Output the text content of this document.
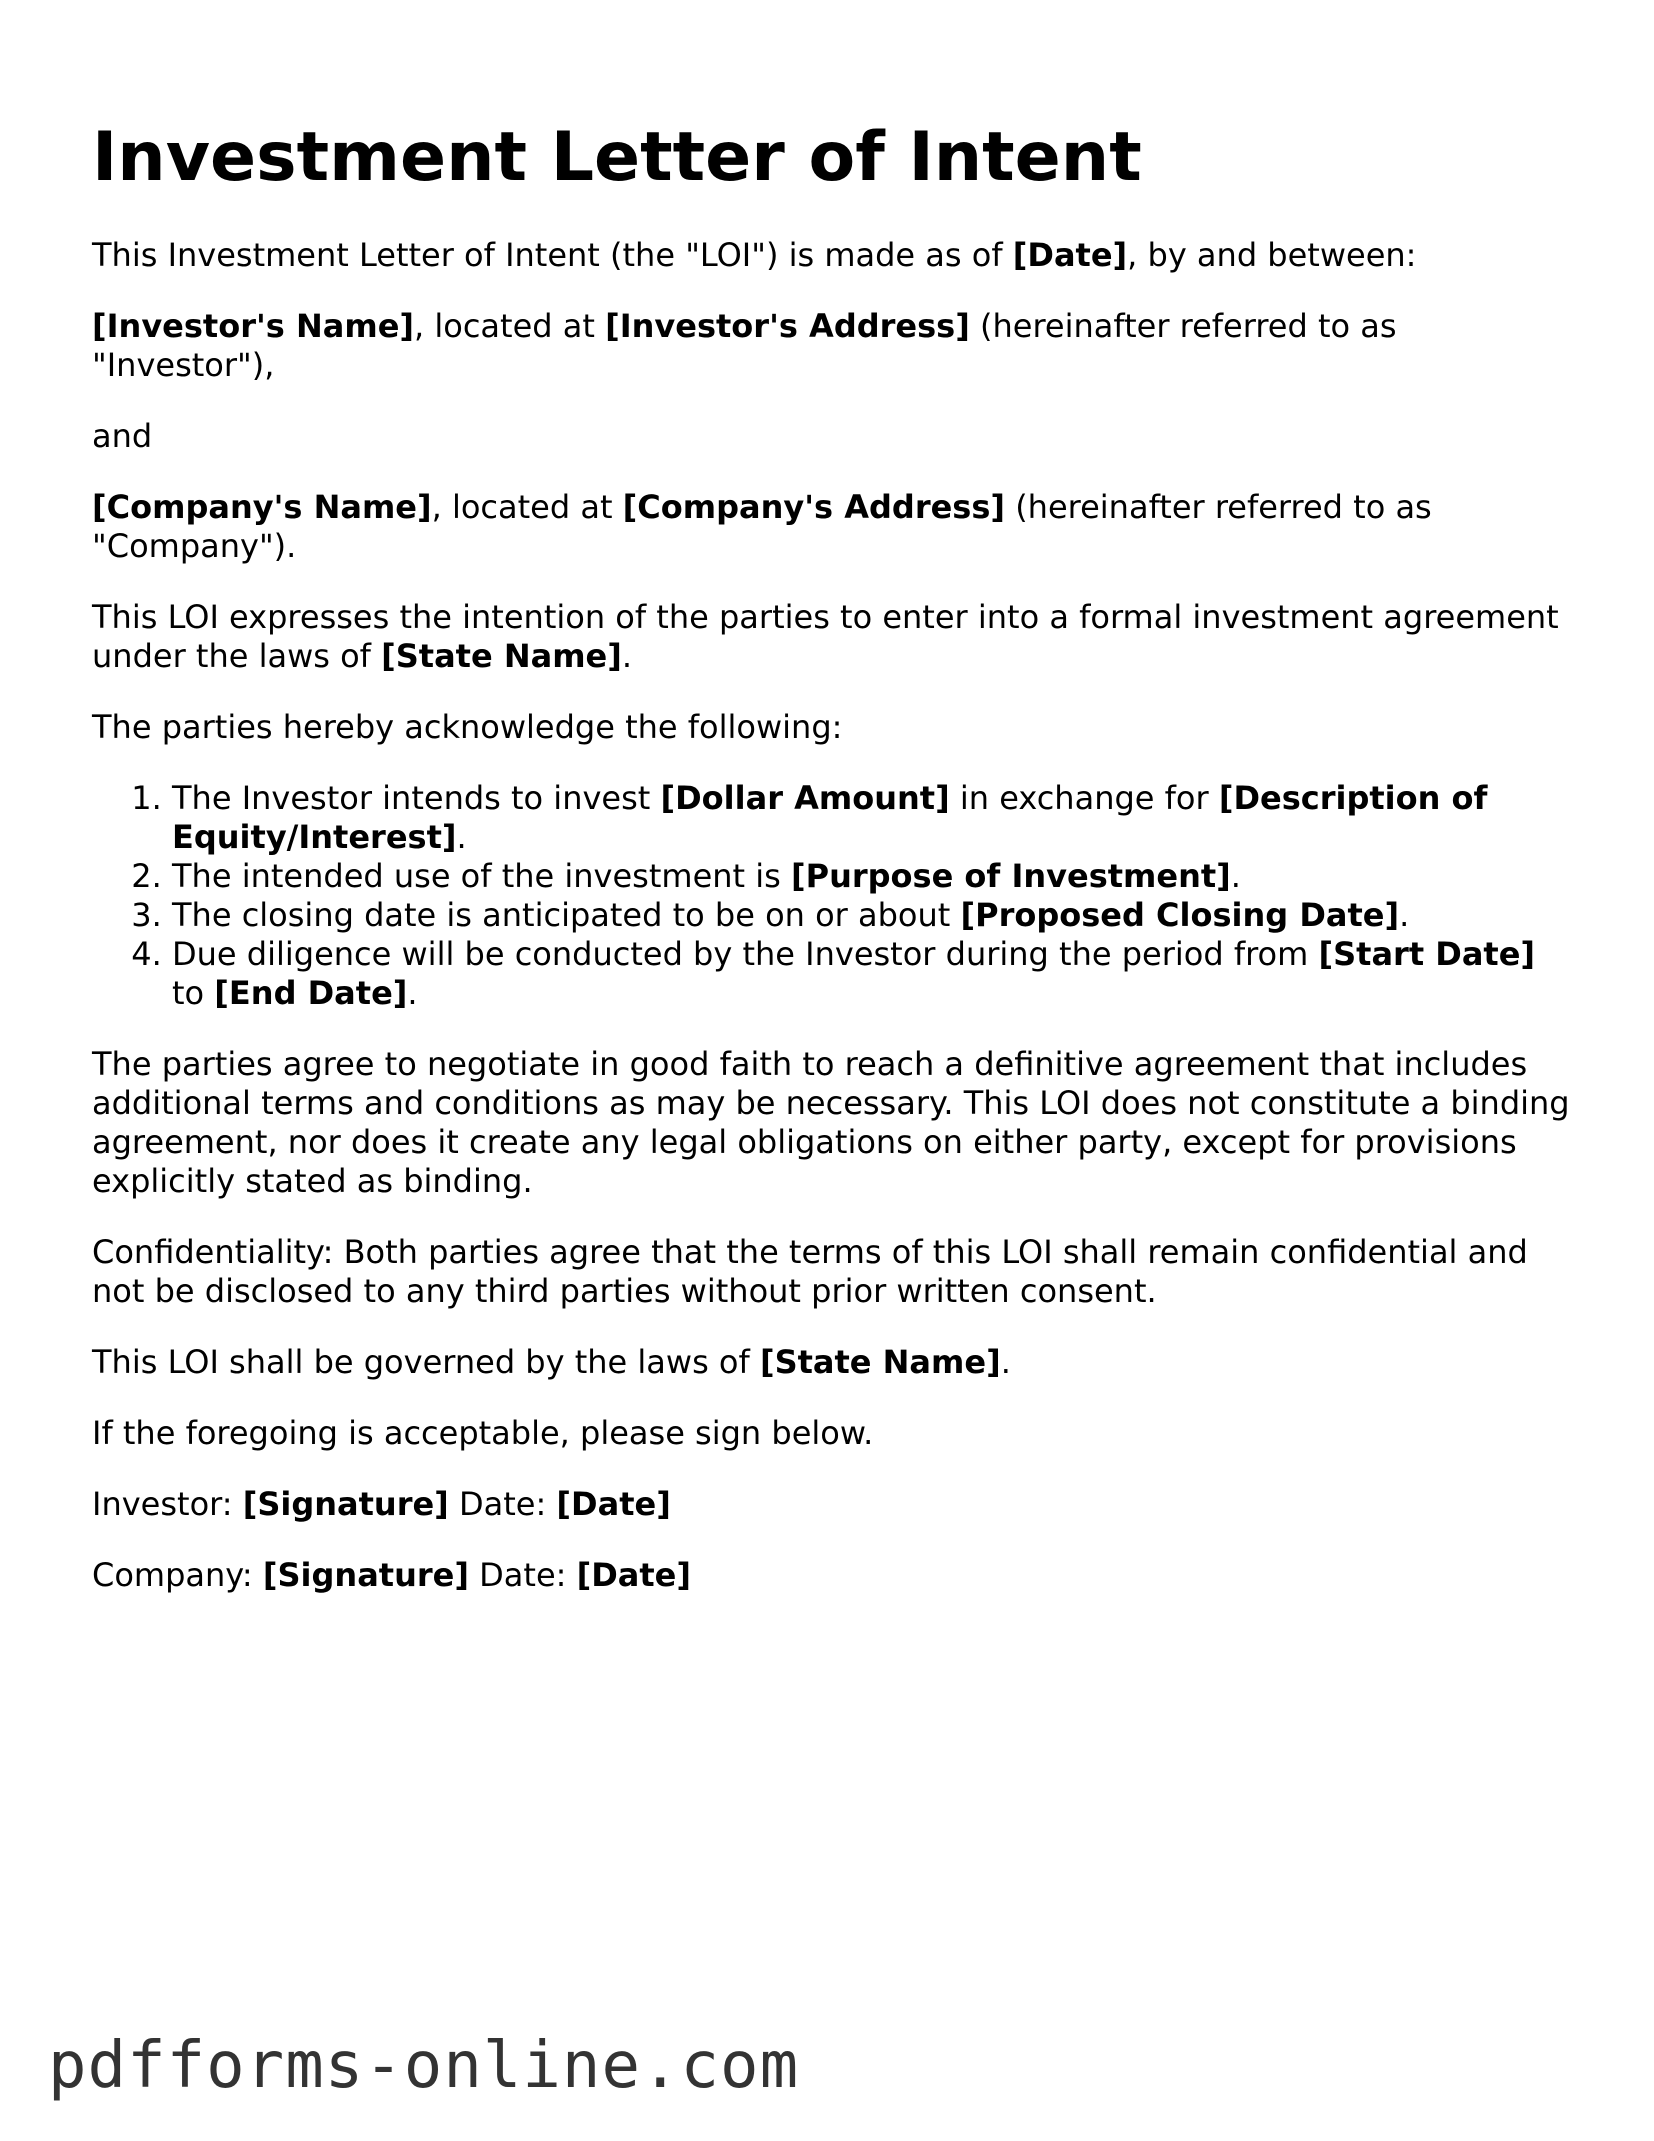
Investment Letter of Intent

This Investment Letter of Intent (the "LOI") is made as of [Date], by and between:

[Investor's Name], located at [Investor's Address] (hereinafter referred to as "Investor"),

and

[Company's Name], located at [Company's Address] (hereinafter referred to as "Company").

This LOI expresses the intention of the parties to enter into a formal investment agreement under the laws of [State Name].

The parties hereby acknowledge the following:

1. The Investor intends to invest [Dollar Amount] in exchange for [Description of Equity/Interest].
2. The intended use of the investment is [Purpose of Investment].
3. The closing date is anticipated to be on or about [Proposed Closing Date].
4. Due diligence will be conducted by the Investor during the period from [Start Date] to [End Date].

The parties agree to negotiate in good faith to reach a definitive agreement that includes additional terms and conditions as may be necessary. This LOI does not constitute a binding agreement, nor does it create any legal obligations on either party, except for provisions explicitly stated as binding.

Confidentiality: Both parties agree that the terms of this LOI shall remain confidential and not be disclosed to any third parties without prior written consent.

This LOI shall be governed by the laws of [State Name].

If the foregoing is acceptable, please sign below.

Investor: [Signature] Date: [Date]

Company: [Signature] Date: [Date]

pdfforms-online.com
